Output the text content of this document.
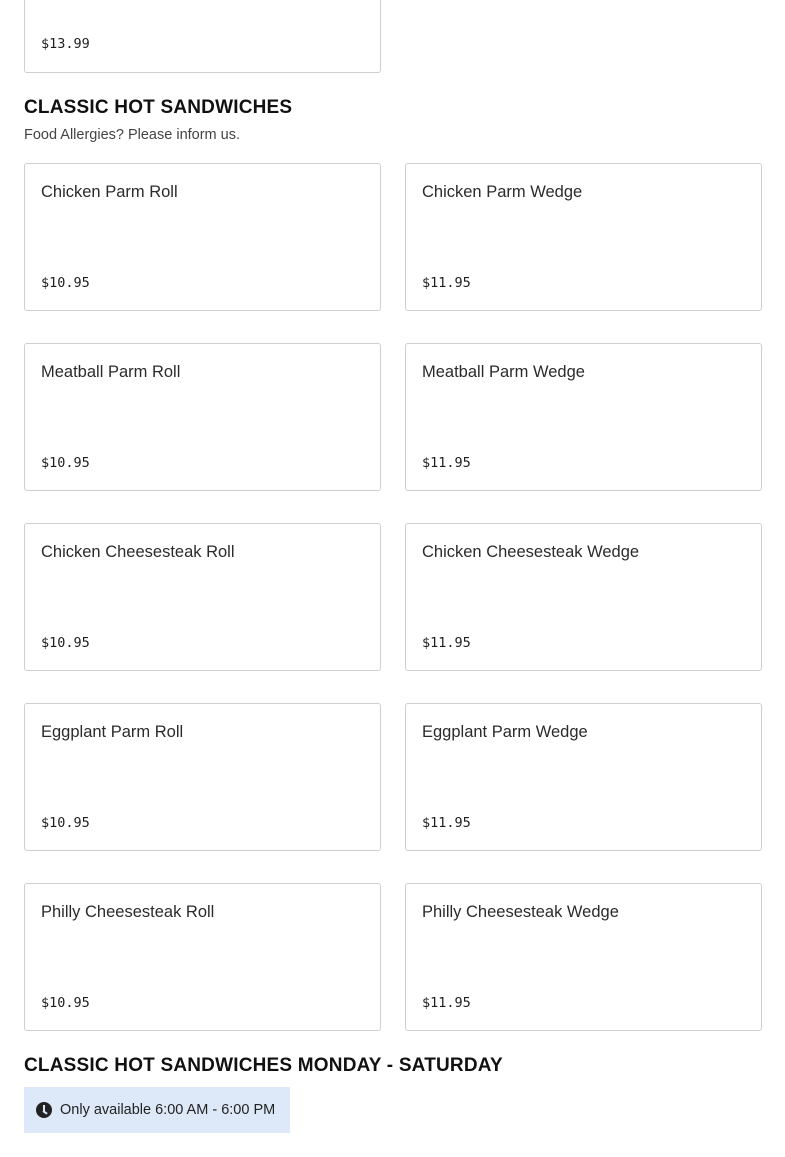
$13.99
CLASSIC HOT SANDWICHES
Food Allergies? Please inform us.
Chicken Parm Roll
$10.95
Chicken Parm Wedge
$11.95
Meatball Parm Roll
$10.95
Meatball Parm Wedge
$11.95
Chicken Cheesesteak Roll
$10.95
Chicken Cheesesteak Wedge
$11.95
Eggplant Parm Roll
$10.95
Eggplant Parm Wedge
$11.95
Philly Cheesesteak Roll
$10.95
Philly Cheesesteak Wedge
$11.95
CLASSIC HOT SANDWICHES MONDAY - SATURDAY
Only available 6:00 AM - 6:00 PM
